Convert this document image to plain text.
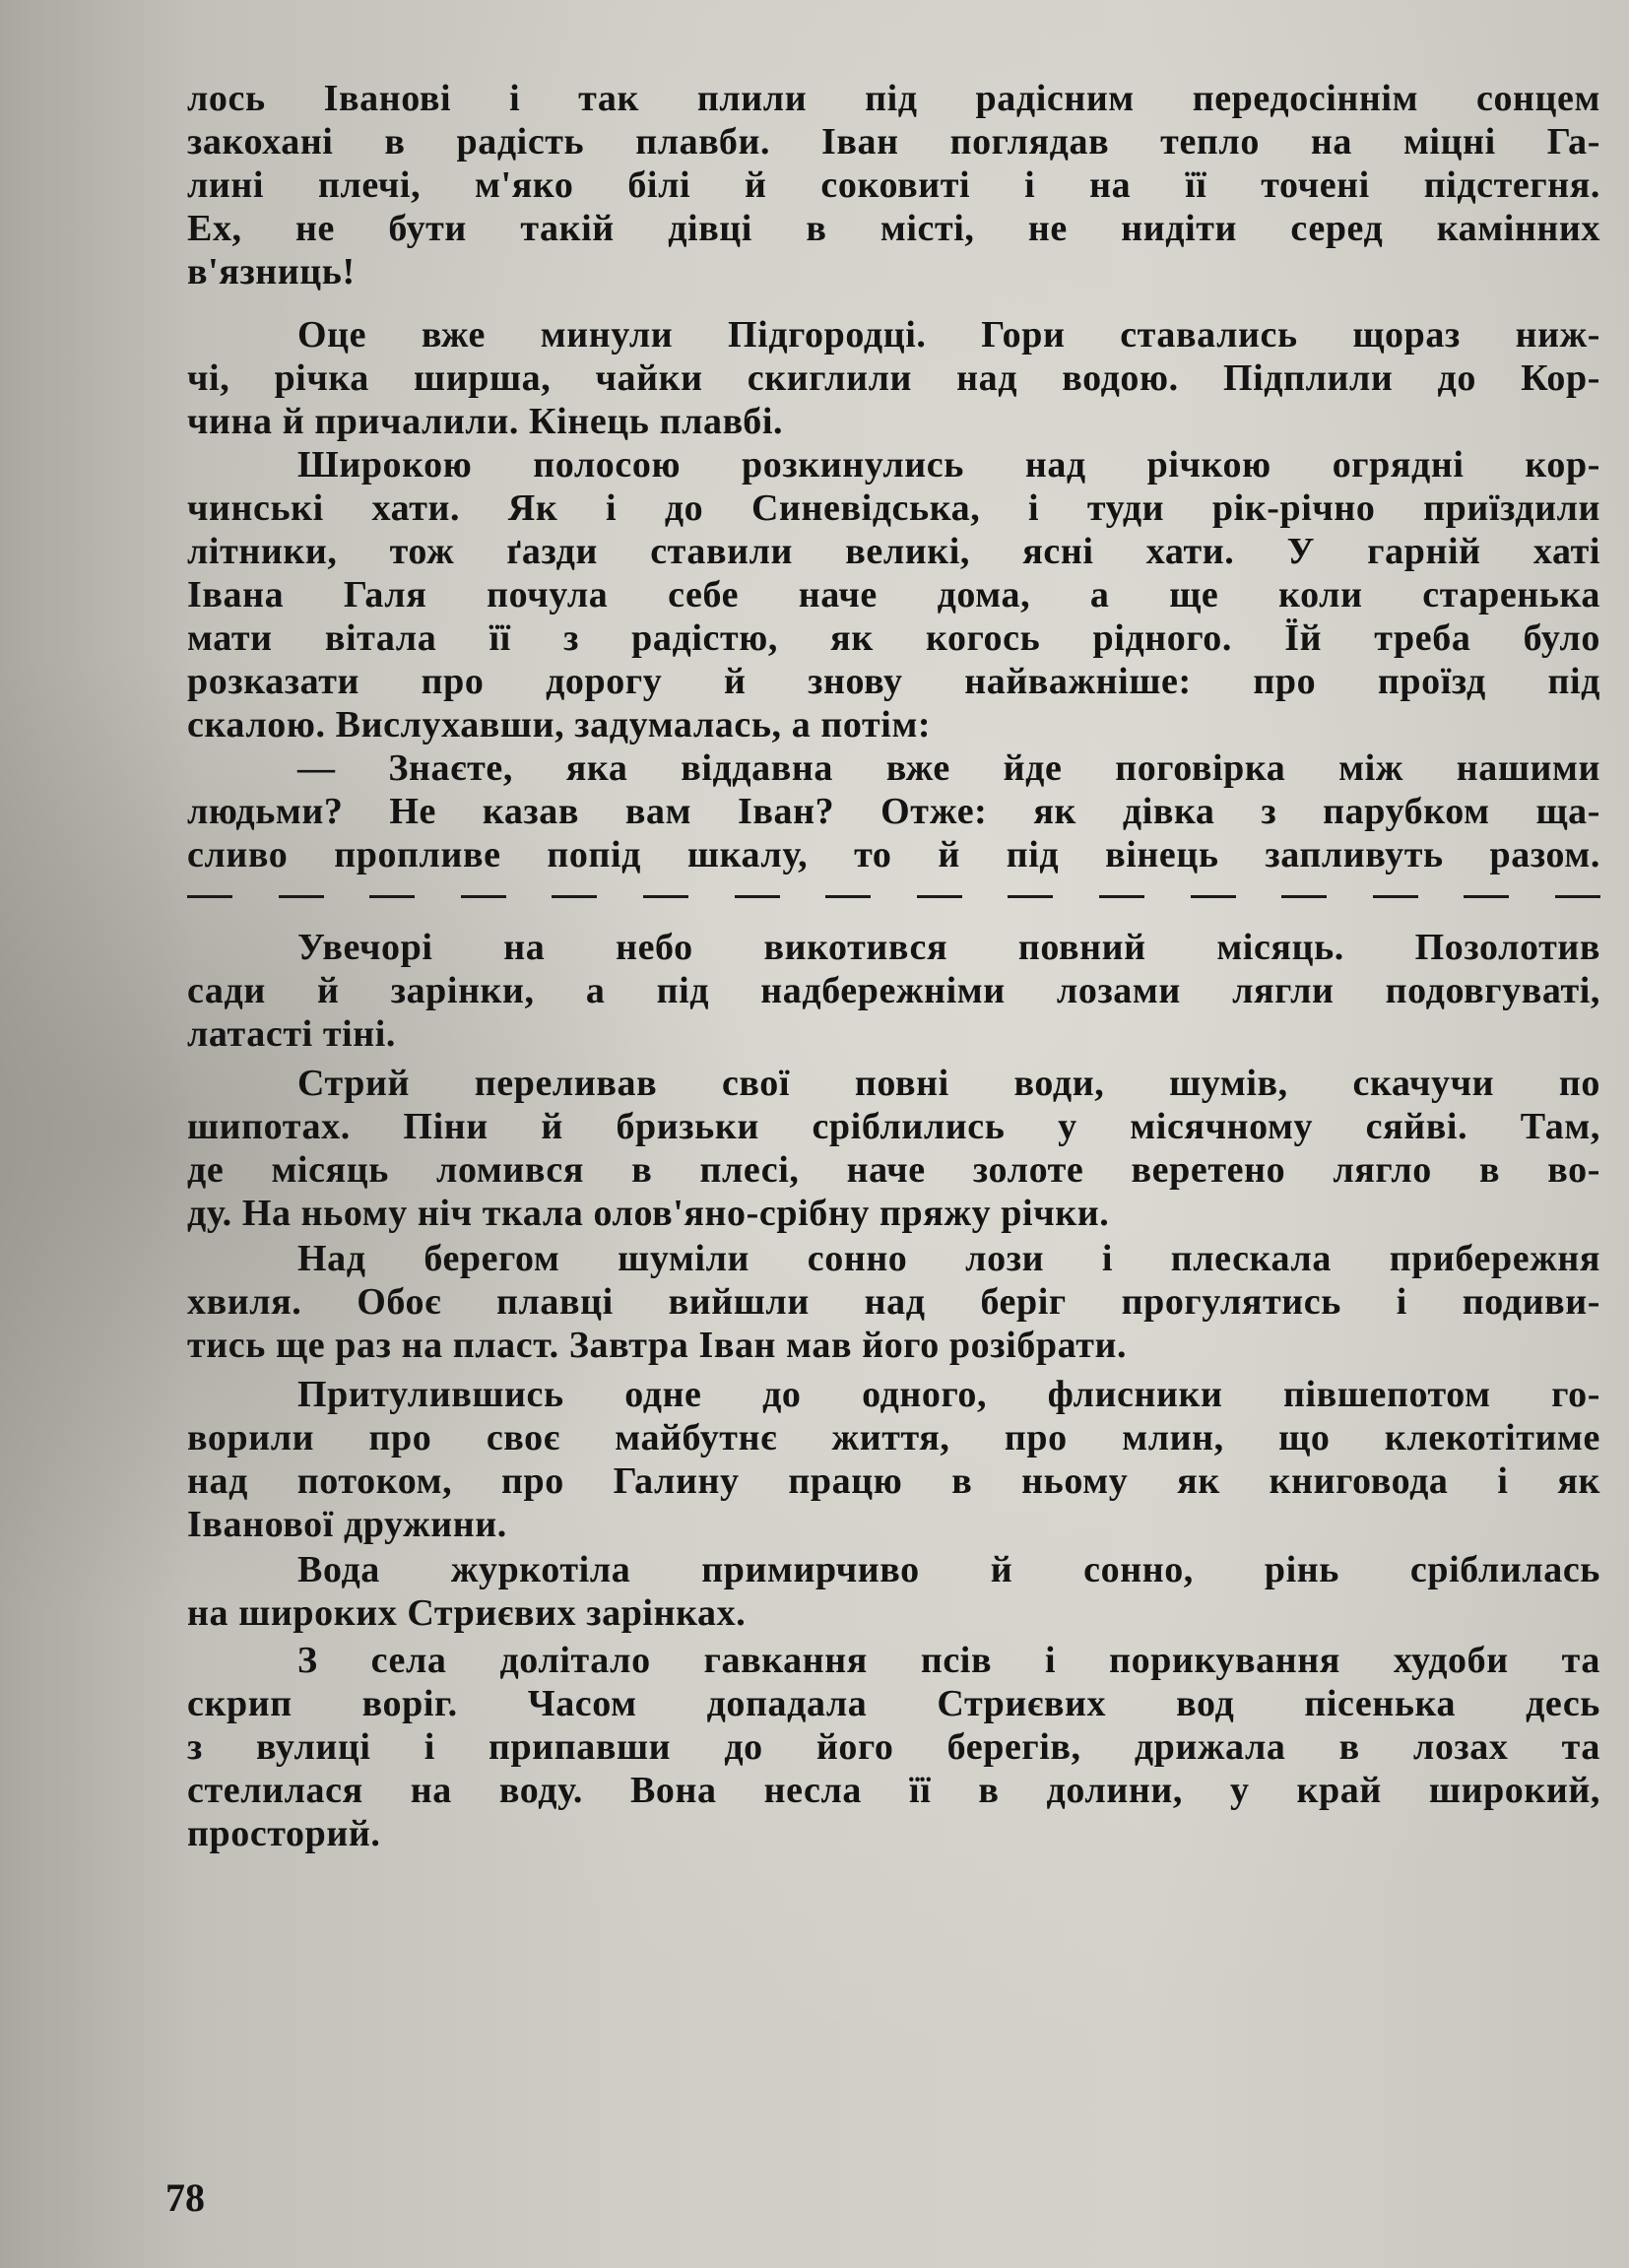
лось Іванові і так плили під радісним передосіннім сонцем
закохані в радість плавби. Іван поглядав тепло на міцні Га-
лині плечі, м'яко білі й соковиті і на її точені підстегня.
Ех, не бути такій дівці в місті, не нидіти серед камінних
в'язниць!
Оце вже минули Підгородці. Гори ставались щораз ниж-
чі, річка ширша, чайки скиглили над водою. Підплили до Кор-
чина й причалили. Кінець плавбі.
Широкою полосою розкинулись над річкою огрядні кор-
чинські хати. Як і до Синевідська, і туди рік-річно приїздили
літники, тож ґазди ставили великі, ясні хати. У гарній хаті
Івана Галя почула себе наче дома, а ще коли старенька
мати вітала її з радістю, як когось рідного. Їй треба було
розказати про дорогу й знову найважніше: про проїзд під
скалою. Вислухавши, задумалась, а потім:
— Знаєте, яка віддавна вже йде поговірка між нашими
людьми? Не казав вам Іван? Отже: як дівка з парубком ща-
сливо пропливе попід шкалу, то й під вінець запливуть разом.
Увечорі на небо викотився повний місяць. Позолотив
сади й зарінки, а під надбережніми лозами лягли подовгуваті,
латасті тіні.
Стрий переливав свої повні води, шумів, скачучи по
шипотах. Піни й бризьки сріблились у місячному сяйві. Там,
де місяць ломився в плесі, наче золоте веретено лягло в во-
ду. На ньому ніч ткала олов'яно-срібну пряжу річки.
Над берегом шуміли сонно лози і плескала прибережня
хвиля. Обоє плавці вийшли над беріг прогулятись і подиви-
тись ще раз на пласт. Завтра Іван мав його розібрати.
Притулившись одне до одного, флисники півшепотом го-
ворили про своє майбутнє життя, про млин, що клекотітиме
над потоком, про Галину працю в ньому як книговода і як
Іванової дружини.
Вода журкотіла примирчиво й сонно, рінь сріблилась
на широких Стриєвих зарінках.
З села долітало гавкання псів і порикування худоби та
скрип воріг. Часом допадала Стриєвих вод пісенька десь
з вулиці і припавши до його берегів, дрижала в лозах та
стелилася на воду. Вона несла її в долини, у край широкий,
просторий.
78
